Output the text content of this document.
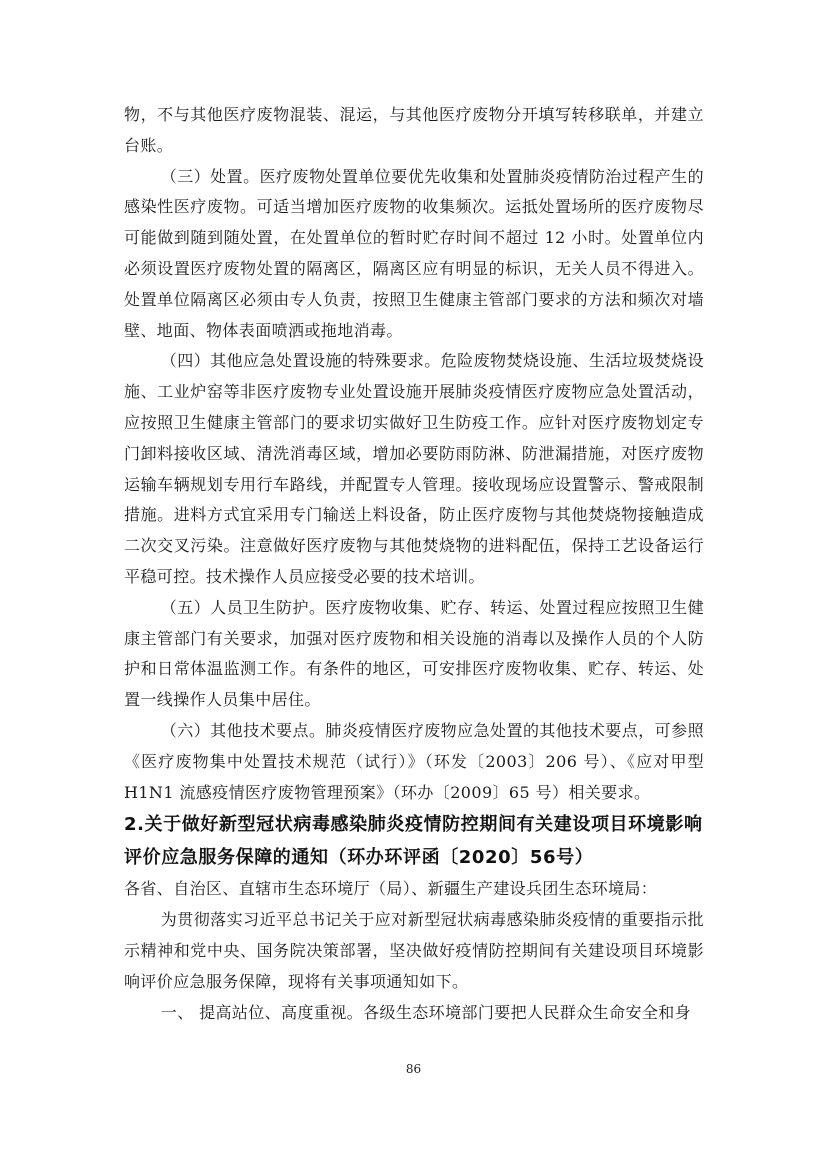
物，不与其他医疗废物混装、混运，与其他医疗废物分开填写转移联单，并建立台账。

（三）处置。医疗废物处置单位要优先收集和处置肺炎疫情防治过程产生的感染性医疗废物。可适当增加医疗废物的收集频次。运抵处置场所的医疗废物尽可能做到随到随处置，在处置单位的暂时贮存时间不超过 12 小时。处置单位内必须设置医疗废物处置的隔离区，隔离区应有明显的标识，无关人员不得进入。处置单位隔离区必须由专人负责，按照卫生健康主管部门要求的方法和频次对墙壁、地面、物体表面喷洒或拖地消毒。

（四）其他应急处置设施的特殊要求。危险废物焚烧设施、生活垃圾焚烧设施、工业炉窑等非医疗废物专业处置设施开展肺炎疫情医疗废物应急处置活动，应按照卫生健康主管部门的要求切实做好卫生防疫工作。应针对医疗废物划定专门卸料接收区域、清洗消毒区域，增加必要防雨防淋、防泄漏措施，对医疗废物运输车辆规划专用行车路线，并配置专人管理。接收现场应设置警示、警戒限制措施。进料方式宜采用专门输送上料设备，防止医疗废物与其他焚烧物接触造成二次交叉污染。注意做好医疗废物与其他焚烧物的进料配伍，保持工艺设备运行平稳可控。技术操作人员应接受必要的技术培训。

（五）人员卫生防护。医疗废物收集、贮存、转运、处置过程应按照卫生健康主管部门有关要求，加强对医疗废物和相关设施的消毒以及操作人员的个人防护和日常体温监测工作。有条件的地区，可安排医疗废物收集、贮存、转运、处置一线操作人员集中居住。

（六）其他技术要点。肺炎疫情医疗废物应急处置的其他技术要点，可参照《医疗废物集中处置技术规范（试行）》（环发〔2003〕206 号）、《应对甲型 H1N1 流感疫情医疗废物管理预案》（环办〔2009〕65 号）相关要求。

2.关于做好新型冠状病毒感染肺炎疫情防控期间有关建设项目环境影响评价应急服务保障的通知（环办环评函〔2020〕56号）

各省、自治区、直辖市生态环境厅（局）、新疆生产建设兵团生态环境局：

为贯彻落实习近平总书记关于应对新型冠状病毒感染肺炎疫情的重要指示批示精神和党中央、国务院决策部署，坚决做好疫情防控期间有关建设项目环境影响评价应急服务保障，现将有关事项通知如下。

一、 提高站位、高度重视。各级生态环境部门要把人民群众生命安全和身

86
